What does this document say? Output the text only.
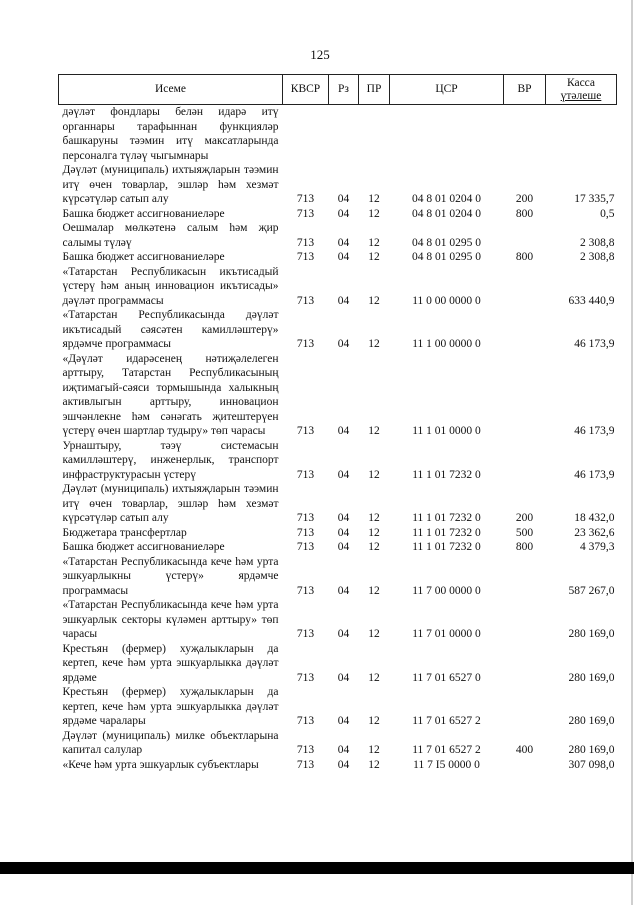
125
Исеме	КВСР	Рз	ПР	ЦСР	ВР	Касса
үтәлеше

дәүләт фондлары белән идарә итү органнары тарафыннан функцияләр башкаруны тәэмин итү максатларында персоналга түләү чыгымнары						
Дәүләт (муниципаль) ихтыяҗларын тәэмин итү өчен товарлар, эшләр һәм хезмәт күрсәтүләр сатып алу	713	04	12	04 8 01 0204 0	200	17 335,7
Башка бюджет ассигнованиеләре	713	04	12	04 8 01 0204 0	800	0,5
Оешмалар мөлкәтенә салым һәм җир салымы түләү	713	04	12	04 8 01 0295 0		2 308,8
Башка бюджет ассигнованиеләре	713	04	12	04 8 01 0295 0	800	2 308,8
«Татарстан Республикасын икътисадый үстерү һәм аның инновацион икътисады» дәүләт программасы	713	04	12	11 0 00 0000 0		633 440,9
«Татарстан Республикасында дәүләт икътисадый сәясәтен камилләштерү» ярдәмче программасы	713	04	12	11 1 00 0000 0		46 173,9
«Дәүләт идарәсенең нәтиҗәлелеген арттыру, Татарстан Республикасының иҗтимагый-сәяси тормышында халыкның активлыгын арттыру, инновацион эшчәнлекне һәм сәнәгать җитештерүен үстерү өчен шартлар тудыру» төп чарасы	713	04	12	11 1 01 0000 0		46 173,9
Урнаштыру, тәэү системасын камилләштерү, инженерлык, транспорт инфраструктурасын үстерү	713	04	12	11 1 01 7232 0		46 173,9
Дәүләт (муниципаль) ихтыяҗларын тәэмин итү өчен товарлар, эшләр һәм хезмәт күрсәтүләр сатып алу	713	04	12	11 1 01 7232 0	200	18 432,0
Бюджетара трансфертлар	713	04	12	11 1 01 7232 0	500	23 362,6
Башка бюджет ассигнованиеләре	713	04	12	11 1 01 7232 0	800	4 379,3
«Татарстан Республикасында кече һәм урта эшкуарлыкны үстерү» ярдәмче программасы	713	04	12	11 7 00 0000 0		587 267,0
«Татарстан Республикасында кече һәм урта эшкуарлык секторы күләмен арттыру» төп чарасы	713	04	12	11 7 01 0000 0		280 169,0
Крестьян (фермер) хуҗалыкларын да кертеп, кече һәм урта эшкуарлыкка дәүләт ярдәме	713	04	12	11 7 01 6527 0		280 169,0
Крестьян (фермер) хуҗалыкларын да кертеп, кече һәм урта эшкуарлыкка дәүләт ярдәме чаралары	713	04	12	11 7 01 6527 2		280 169,0
Дәүләт (муниципаль) милке объектларына капитал салулар	713	04	12	11 7 01 6527 2	400	280 169,0
«Кече һәм урта эшкуарлык субъектлары	713	04	12	11 7 I5 0000 0		307 098,0
